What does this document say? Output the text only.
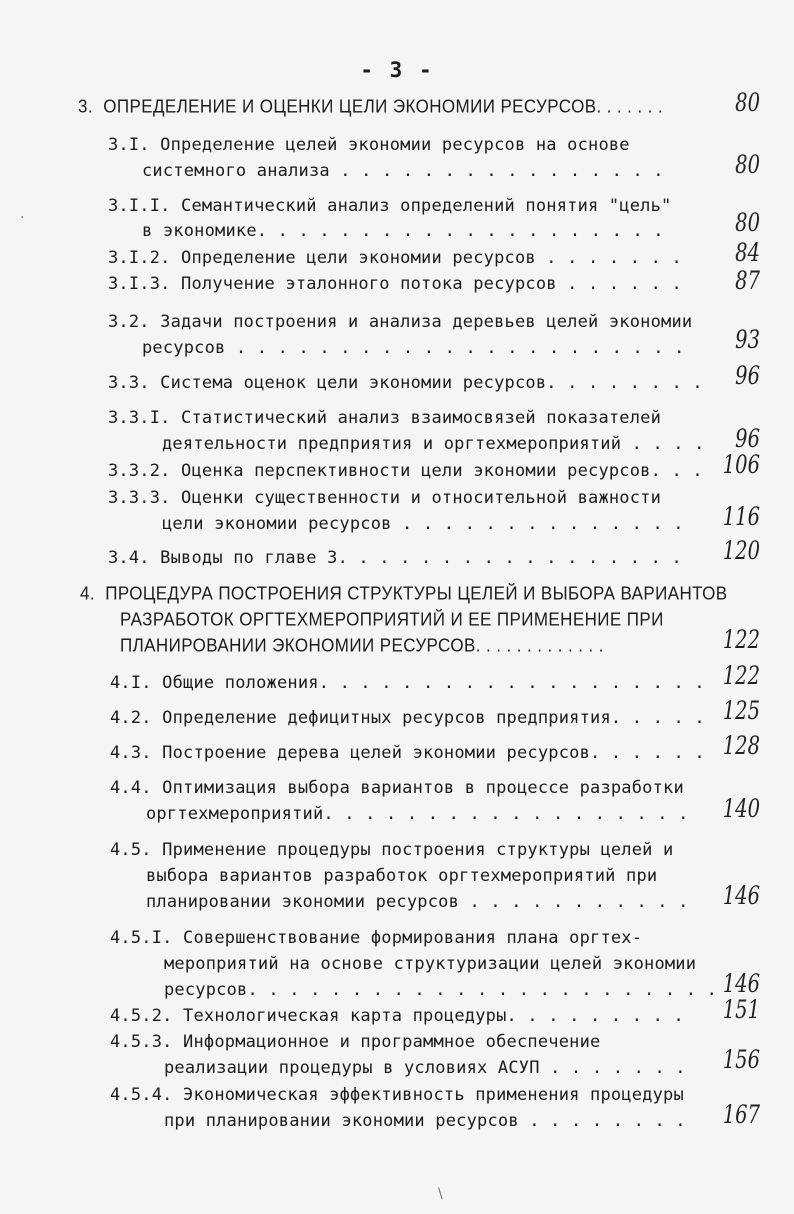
- 3 -
3.  ОПРЕДЕЛЕНИЕ И ОЦЕНКИ ЦЕЛИ ЭКОНОМИИ РЕСУРСОВ. . . . . . .	80
3.I. Определение целей экономии ресурсов на основе
системного анализа . . . . . . . . . . . . . . . .	80
3.I.I. Семантический анализ определений понятия "цель"
в экономике. . . . . . . . . . . . . . . . . . . .	80
3.I.2. Определение цели экономии ресурсов . . . . . . .	84
3.I.3. Получение эталонного потока ресурсов . . . . . .	87
3.2. Задачи построения и анализа деревьев целей экономии
ресурсов . . . . . . . . . . . . . . . . . . . . . .	93
3.3. Система оценок цели экономии ресурсов. . . . . . . .	96
3.3.I. Статистический анализ взаимосвязей показателей
деятельности предприятия и оргтехмероприятий . . . .	96
3.3.2. Оценка перспективности цели экономии ресурсов. . . 106
3.3.3. Оценки существенности и относительной важности
цели экономии ресурсов . . . . . . . . . . . . . .	116
3.4. Выводы по главе 3. . . . . . . . . . . . . . . . .	120
4.  ПРОЦЕДУРА ПОСТРОЕНИЯ СТРУКТУРЫ ЦЕЛЕЙ И ВЫБОРА ВАРИАНТОВ
РАЗРАБОТОК ОРГТЕХМЕРОПРИЯТИЙ И ЕЕ ПРИМЕНЕНИЕ ПРИ
ПЛАНИРОВАНИИ ЭКОНОМИИ РЕСУРСОВ. . . . . . . . . . . . .	122
4.I. Общие положения. . . . . . . . . . . . . . . . . . . 122
4.2. Определение дефицитных ресурсов предприятия. . . . . 125
4.3. Построение дерева целей экономии ресурсов. . . . . . 128
4.4. Оптимизация выбора вариантов в процессе разработки
оргтехмероприятий. . . . . . . . . . . . . . . . . .	140
4.5. Применение процедуры построения структуры целей и
выбора вариантов разработок оргтехмероприятий при
планировании экономии ресурсов . . . . . . . . . . .	146
4.5.I. Совершенствование формирования плана оргтех-
мероприятий на основе структуризации целей экономии
ресурсов. . . . . . . . . . . . . . . . . . . . . . . 146
4.5.2. Технологическая карта процедуры. . . . . . . . .	151
4.5.3. Информационное и программное обеспечение
реализации процедуры в условиях АСУП . . . . . . .	156
4.5.4. Экономическая эффективность применения процедуры
при планировании экономии ресурсов . . . . . . . .	167
·
\
